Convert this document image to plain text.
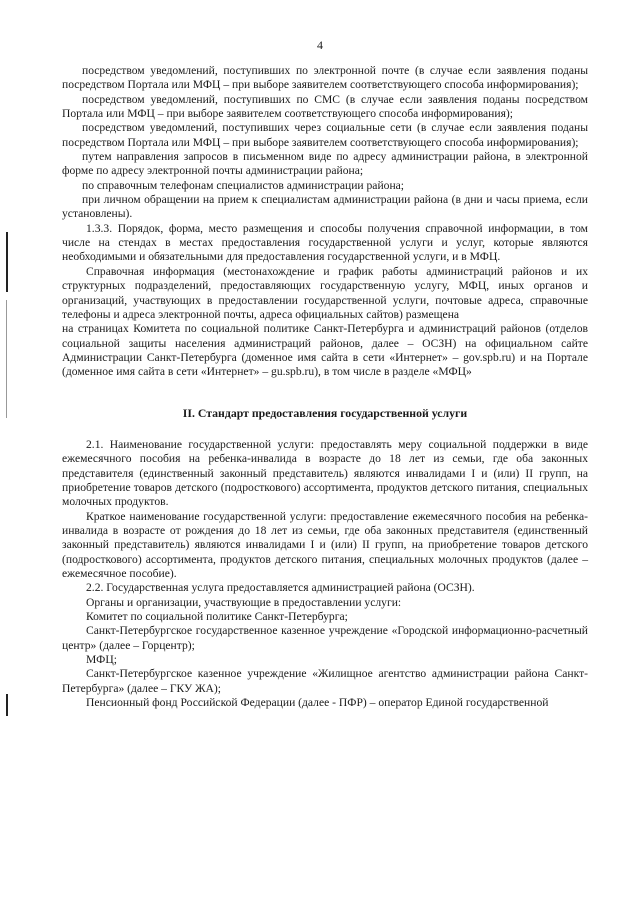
4

посредством уведомлений, поступивших по электронной почте (в случае если заявления поданы посредством Портала или МФЦ – при выборе заявителем соответствующего способа информирования);

посредством уведомлений, поступивших по СМС (в случае если заявления поданы посредством Портала или МФЦ – при выборе заявителем соответствующего способа информирования);

посредством уведомлений, поступивших через социальные сети (в случае если заявления поданы посредством Портала или МФЦ – при выборе заявителем соответствующего способа информирования);

путем направления запросов в письменном виде по адресу администрации района, в электронной форме по адресу электронной почты администрации района;

по справочным телефонам специалистов администрации района;

при личном обращении на прием к специалистам администрации района (в дни и часы приема, если установлены).

1.3.3. Порядок, форма, место размещения и способы получения справочной информации, в том числе на стендах в местах предоставления государственной услуги и услуг, которые являются необходимыми и обязательными для предоставления государственной услуги, и в МФЦ.

Справочная информация (местонахождение и график работы администраций районов и их структурных подразделений, предоставляющих государственную услугу, МФЦ, иных органов и организаций, участвующих в предоставлении государственной услуги, почтовые адреса, справочные телефоны и адреса электронной почты, адреса официальных сайтов) размещена

на страницах Комитета по социальной политике Санкт-Петербурга и администраций районов (отделов социальной защиты населения администраций районов, далее – ОСЗН) на официальном сайте Администрации Санкт-Петербурга (доменное имя сайта в сети «Интернет» – gov.spb.ru) и на Портале (доменное имя сайта в сети «Интернет» – gu.spb.ru), в том числе в разделе «МФЦ»

II. Стандарт предоставления государственной услуги

2.1. Наименование государственной услуги: предоставлять меру социальной поддержки в виде ежемесячного пособия на ребенка-инвалида в возрасте до 18 лет из семьи, где оба законных представителя (единственный законный представитель) являются инвалидами I и (или) II групп, на приобретение товаров детского (подросткового) ассортимента, продуктов детского питания, специальных молочных продуктов.

Краткое наименование государственной услуги: предоставление ежемесячного пособия на ребенка-инвалида в возрасте от рождения до 18 лет из семьи, где оба законных представителя (единственный законный представитель) являются инвалидами I и (или) II групп, на приобретение товаров детского (подросткового) ассортимента, продуктов детского питания, специальных молочных продуктов (далее – ежемесячное пособие).

2.2. Государственная услуга предоставляется администрацией района (ОСЗН).

Органы и организации, участвующие в предоставлении услуги:

Комитет по социальной политике Санкт-Петербурга;

Санкт-Петербургское государственное казенное учреждение «Городской информационно-расчетный центр» (далее – Горцентр);

МФЦ;

Санкт-Петербургское казенное учреждение «Жилищное агентство администрации района Санкт-Петербурга» (далее – ГКУ ЖА);

Пенсионный фонд Российской Федерации (далее - ПФР) – оператор Единой государственной
